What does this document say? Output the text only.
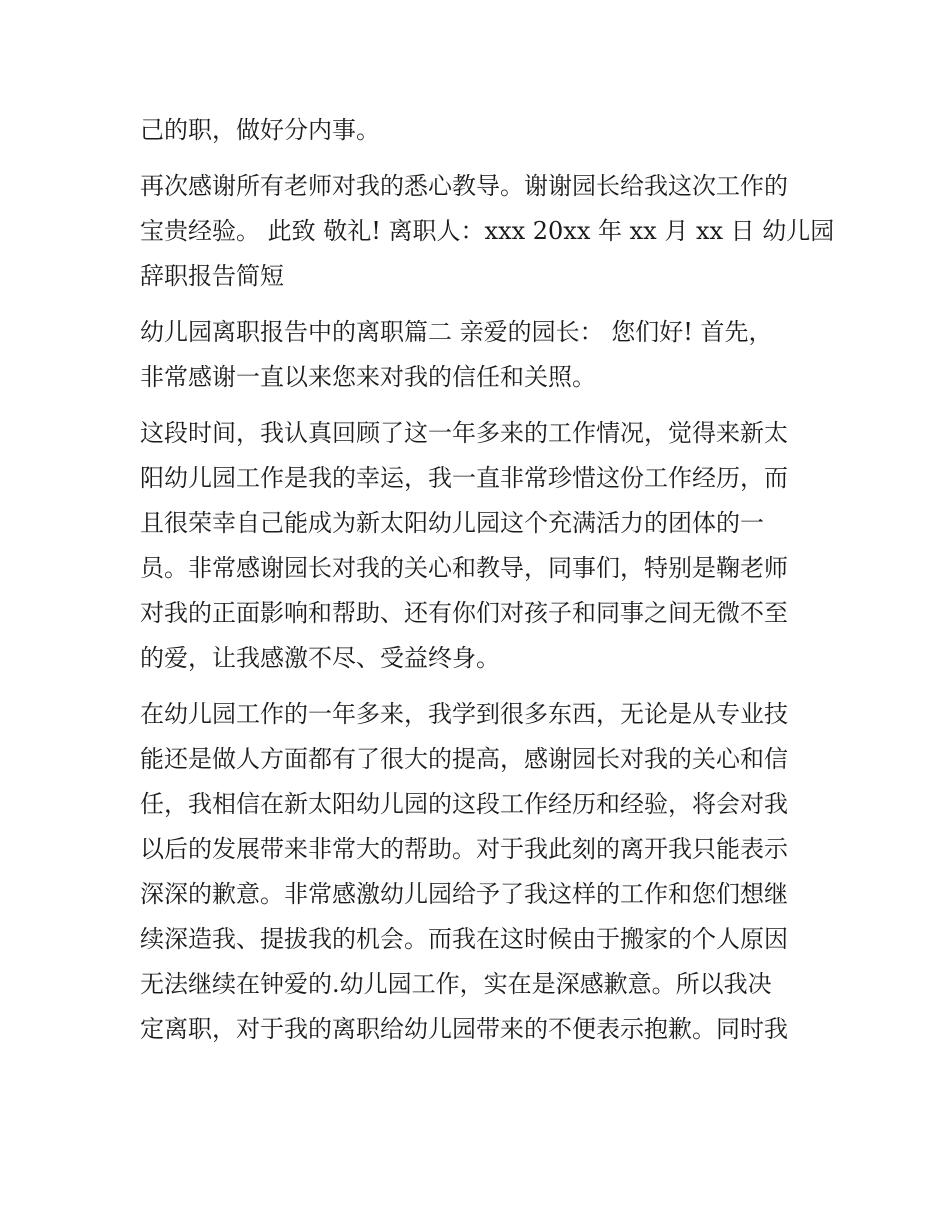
己的职，做好分内事。
再次感谢所有老师对我的悉心教导。谢谢园长给我这次工作的
宝贵经验。 此致 敬礼! 离职人：xxx 20xx 年 xx 月 xx 日 幼儿园
辞职报告简短
幼儿园离职报告中的离职篇二 亲爱的园长： 您们好! 首先，
非常感谢一直以来您来对我的信任和关照。
这段时间，我认真回顾了这一年多来的工作情况，觉得来新太
阳幼儿园工作是我的幸运，我一直非常珍惜这份工作经历，而
且很荣幸自己能成为新太阳幼儿园这个充满活力的团体的一
员。非常感谢园长对我的关心和教导，同事们，特别是鞠老师
对我的正面影响和帮助、还有你们对孩子和同事之间无微不至
的爱，让我感激不尽、受益终身。
在幼儿园工作的一年多来，我学到很多东西，无论是从专业技
能还是做人方面都有了很大的提高，感谢园长对我的关心和信
任，我相信在新太阳幼儿园的这段工作经历和经验，将会对我
以后的发展带来非常大的帮助。对于我此刻的离开我只能表示
深深的歉意。非常感激幼儿园给予了我这样的工作和您们想继
续深造我、提拔我的机会。而我在这时候由于搬家的个人原因
无法继续在钟爱的.幼儿园工作，实在是深感歉意。所以我决
定离职，对于我的离职给幼儿园带来的不便表示抱歉。同时我
